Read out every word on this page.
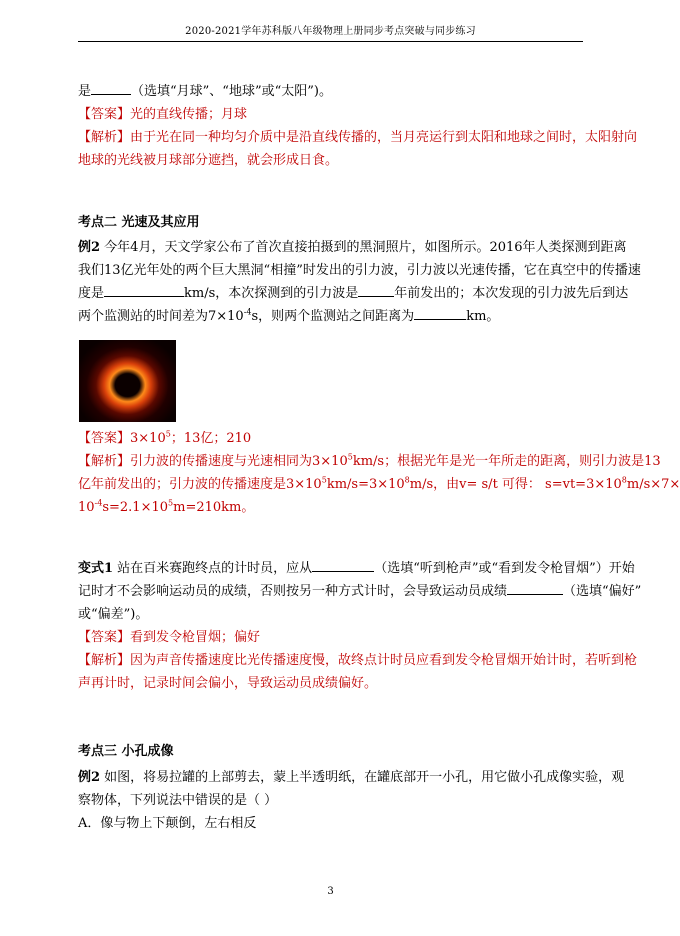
2020-2021学年苏科版八年级物理上册同步考点突破与同步练习
是	（选填“月球”、“地球”或“太阳”)。
【答案】光的直线传播；月球
【解析】由于光在同一种均匀介质中是沿直线传播的，当月亮运行到太阳和地球之间时，太阳射向
地球的光线被月球部分遮挡，就会形成日食。
考点二 光速及其应用
例2 今年4月，天文学家公布了首次直接拍摄到的黑洞照片，如图所示。2016年人类探测到距离
我们13亿光年处的两个巨大黑洞“相撞”时发出的引力波，引力波以光速传播，它在真空中的传播速
度是	km/s，本次探测到的引力波是	年前发出的；本次发现的引力波先后到达
两个监测站的时间差为$7\times 10^{-4}s$，则两个监测站之间距离为	km。
【答案】$3\times 10^5$；13亿；210
【解析】引力波的传播速度与光速相同为$3\times 10^5km/s$；根据光年是光一年所走的距离，则引力波是13
亿年前发出的；引力波的传播速度是$3\times 10^5km/s=3\times 10^8m/s$，由v= s/t 可得： $s=vt=3\times 10^8m/s\times 7\times$
$10^{-4}s=2.1\times 10^5m=210km$。
变式1 站在百米赛跑终点的计时员，应从	（选填“听到枪声”或“看到发令枪冒烟”）开始
记时才不会影响运动员的成绩，否则按另一种方式计时，会导致运动员成绩	（选填“偏好”
或“偏差”)。
【答案】看到发令枪冒烟；偏好
【解析】因为声音传播速度比光传播速度慢，故终点计时员应看到发令枪冒烟开始计时，若听到枪
声再计时，记录时间会偏小，导致运动员成绩偏好。
考点三 小孔成像
例2 如图，将易拉罐的上部剪去，蒙上半透明纸，在罐底部开一小孔，用它做小孔成像实验，观
察物体，下列说法中错误的是（ ）
A．像与物上下颠倒，左右相反
3
